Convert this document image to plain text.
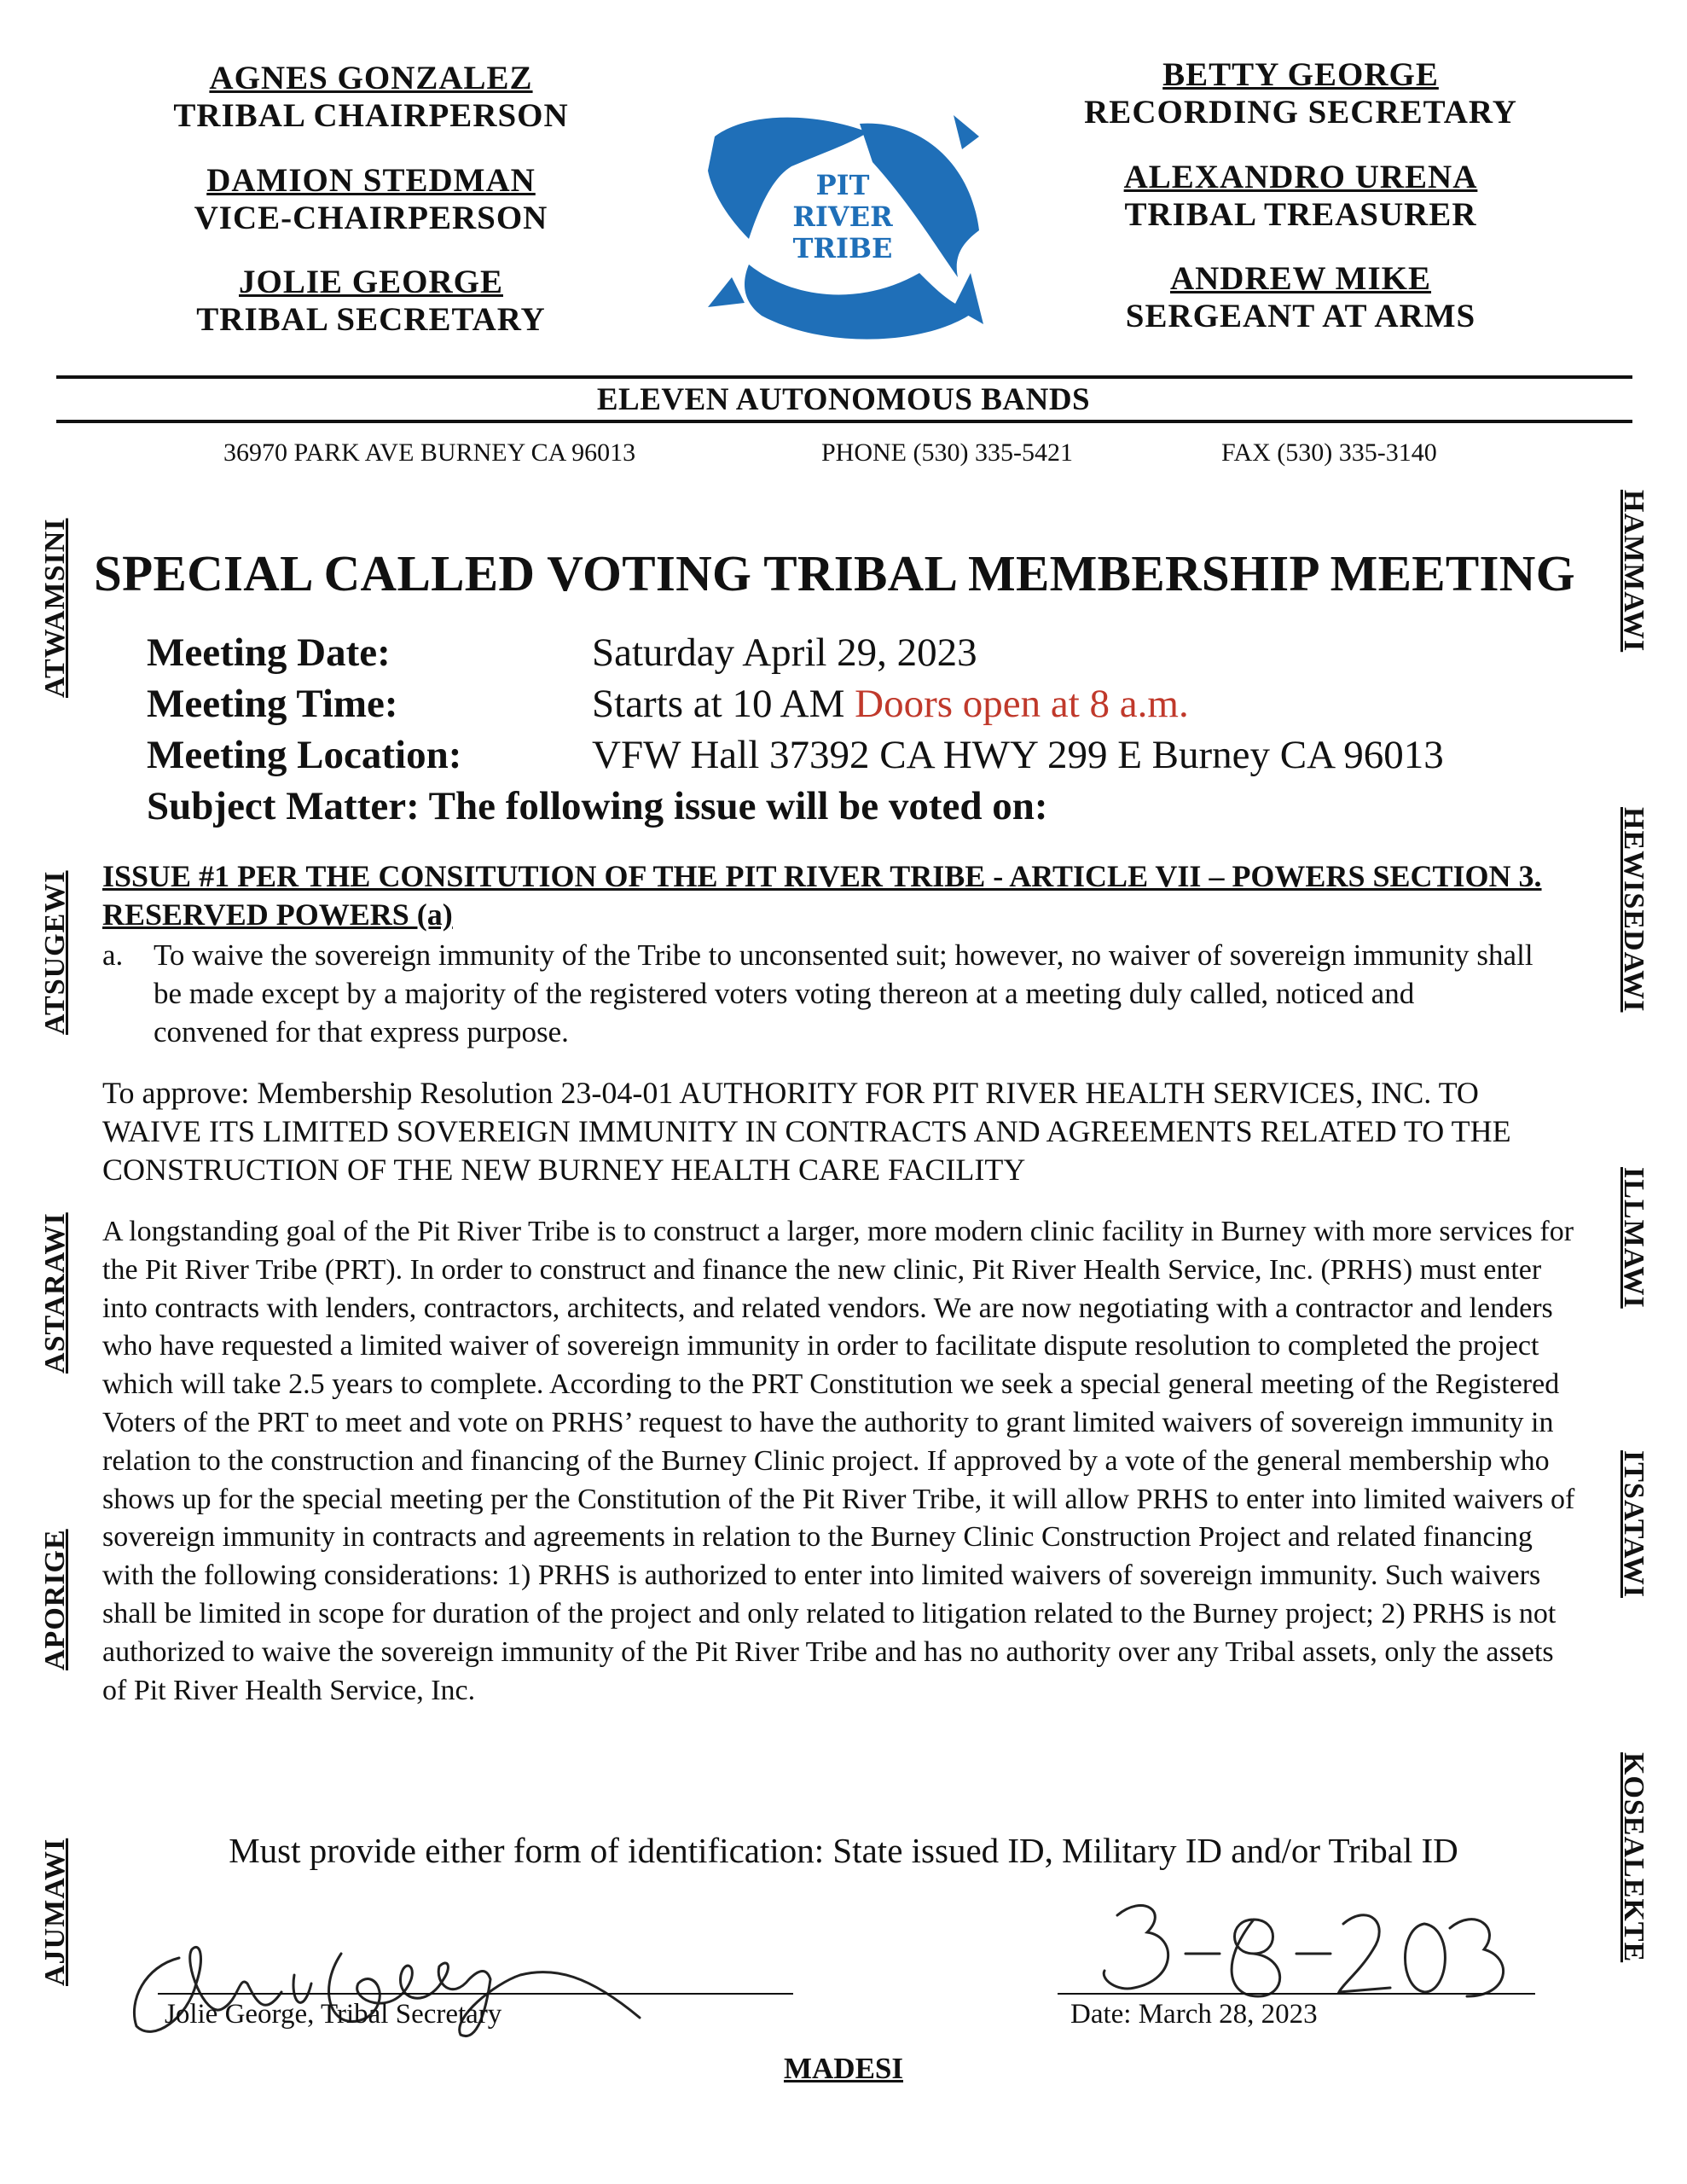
AGNES GONZALEZ
TRIBAL CHAIRPERSON
DAMION STEDMAN
VICE-CHAIRPERSON
JOLIE GEORGE
TRIBAL SECRETARY
PIT
RIVER
TRIBE
BETTY GEORGE
RECORDING SECRETARY
ALEXANDRO URENA
TRIBAL TREASURER
ANDREW MIKE
SERGEANT AT ARMS
ELEVEN AUTONOMOUS BANDS
36970 PARK AVE BURNEY CA 96013	PHONE (530) 335-5421	FAX (530) 335-3140
ATWAMSINI
ATSUGEWI
ASTARAWI
APORIGE
AJUMAWI
HAMMAWI
HEWISEDAWI
ILLMAWI
ITSATAWI
KOSEALEKTE
SPECIAL CALLED VOTING TRIBAL MEMBERSHIP MEETING
Meeting Date:	Saturday April 29, 2023
Meeting Time:	Starts at 10 AM Doors open at 8 a.m.
Meeting Location:	VFW Hall 37392 CA HWY 299 E Burney CA 96013
Subject Matter: The following issue will be voted on:
ISSUE #1 PER THE CONSITUTION OF THE PIT RIVER TRIBE - ARTICLE VII – POWERS SECTION 3. RESERVED POWERS (a)
a. To waive the sovereign immunity of the Tribe to unconsented suit; however, no waiver of sovereign immunity shall be made except by a majority of the registered voters voting thereon at a meeting duly called, noticed and convened for that express purpose.
To approve: Membership Resolution 23-04-01 AUTHORITY FOR PIT RIVER HEALTH SERVICES, INC. TO WAIVE ITS LIMITED SOVEREIGN IMMUNITY IN CONTRACTS AND AGREEMENTS RELATED TO THE CONSTRUCTION OF THE NEW BURNEY HEALTH CARE FACILITY
A longstanding goal of the Pit River Tribe is to construct a larger, more modern clinic facility in Burney with more services for the Pit River Tribe (PRT). In order to construct and finance the new clinic, Pit River Health Service, Inc. (PRHS) must enter into contracts with lenders, contractors, architects, and related vendors. We are now negotiating with a contractor and lenders who have requested a limited waiver of sovereign immunity in order to facilitate dispute resolution to completed the project which will take 2.5 years to complete. According to the PRT Constitution we seek a special general meeting of the Registered Voters of the PRT to meet and vote on PRHS’ request to have the authority to grant limited waivers of sovereign immunity in relation to the construction and financing of the Burney Clinic project. If approved by a vote of the general membership who shows up for the special meeting per the Constitution of the Pit River Tribe, it will allow PRHS to enter into limited waivers of sovereign immunity in contracts and agreements in relation to the Burney Clinic Construction Project and related financing with the following considerations: 1) PRHS is authorized to enter into limited waivers of sovereign immunity. Such waivers shall be limited in scope for duration of the project and only related to litigation related to the Burney project; 2) PRHS is not authorized to waive the sovereign immunity of the Pit River Tribe and has no authority over any Tribal assets, only the assets of Pit River Health Service, Inc.
Must provide either form of identification: State issued ID, Military ID and/or Tribal ID
Jolie George, Tribal Secretary	Date: March 28, 2023
MADESI
